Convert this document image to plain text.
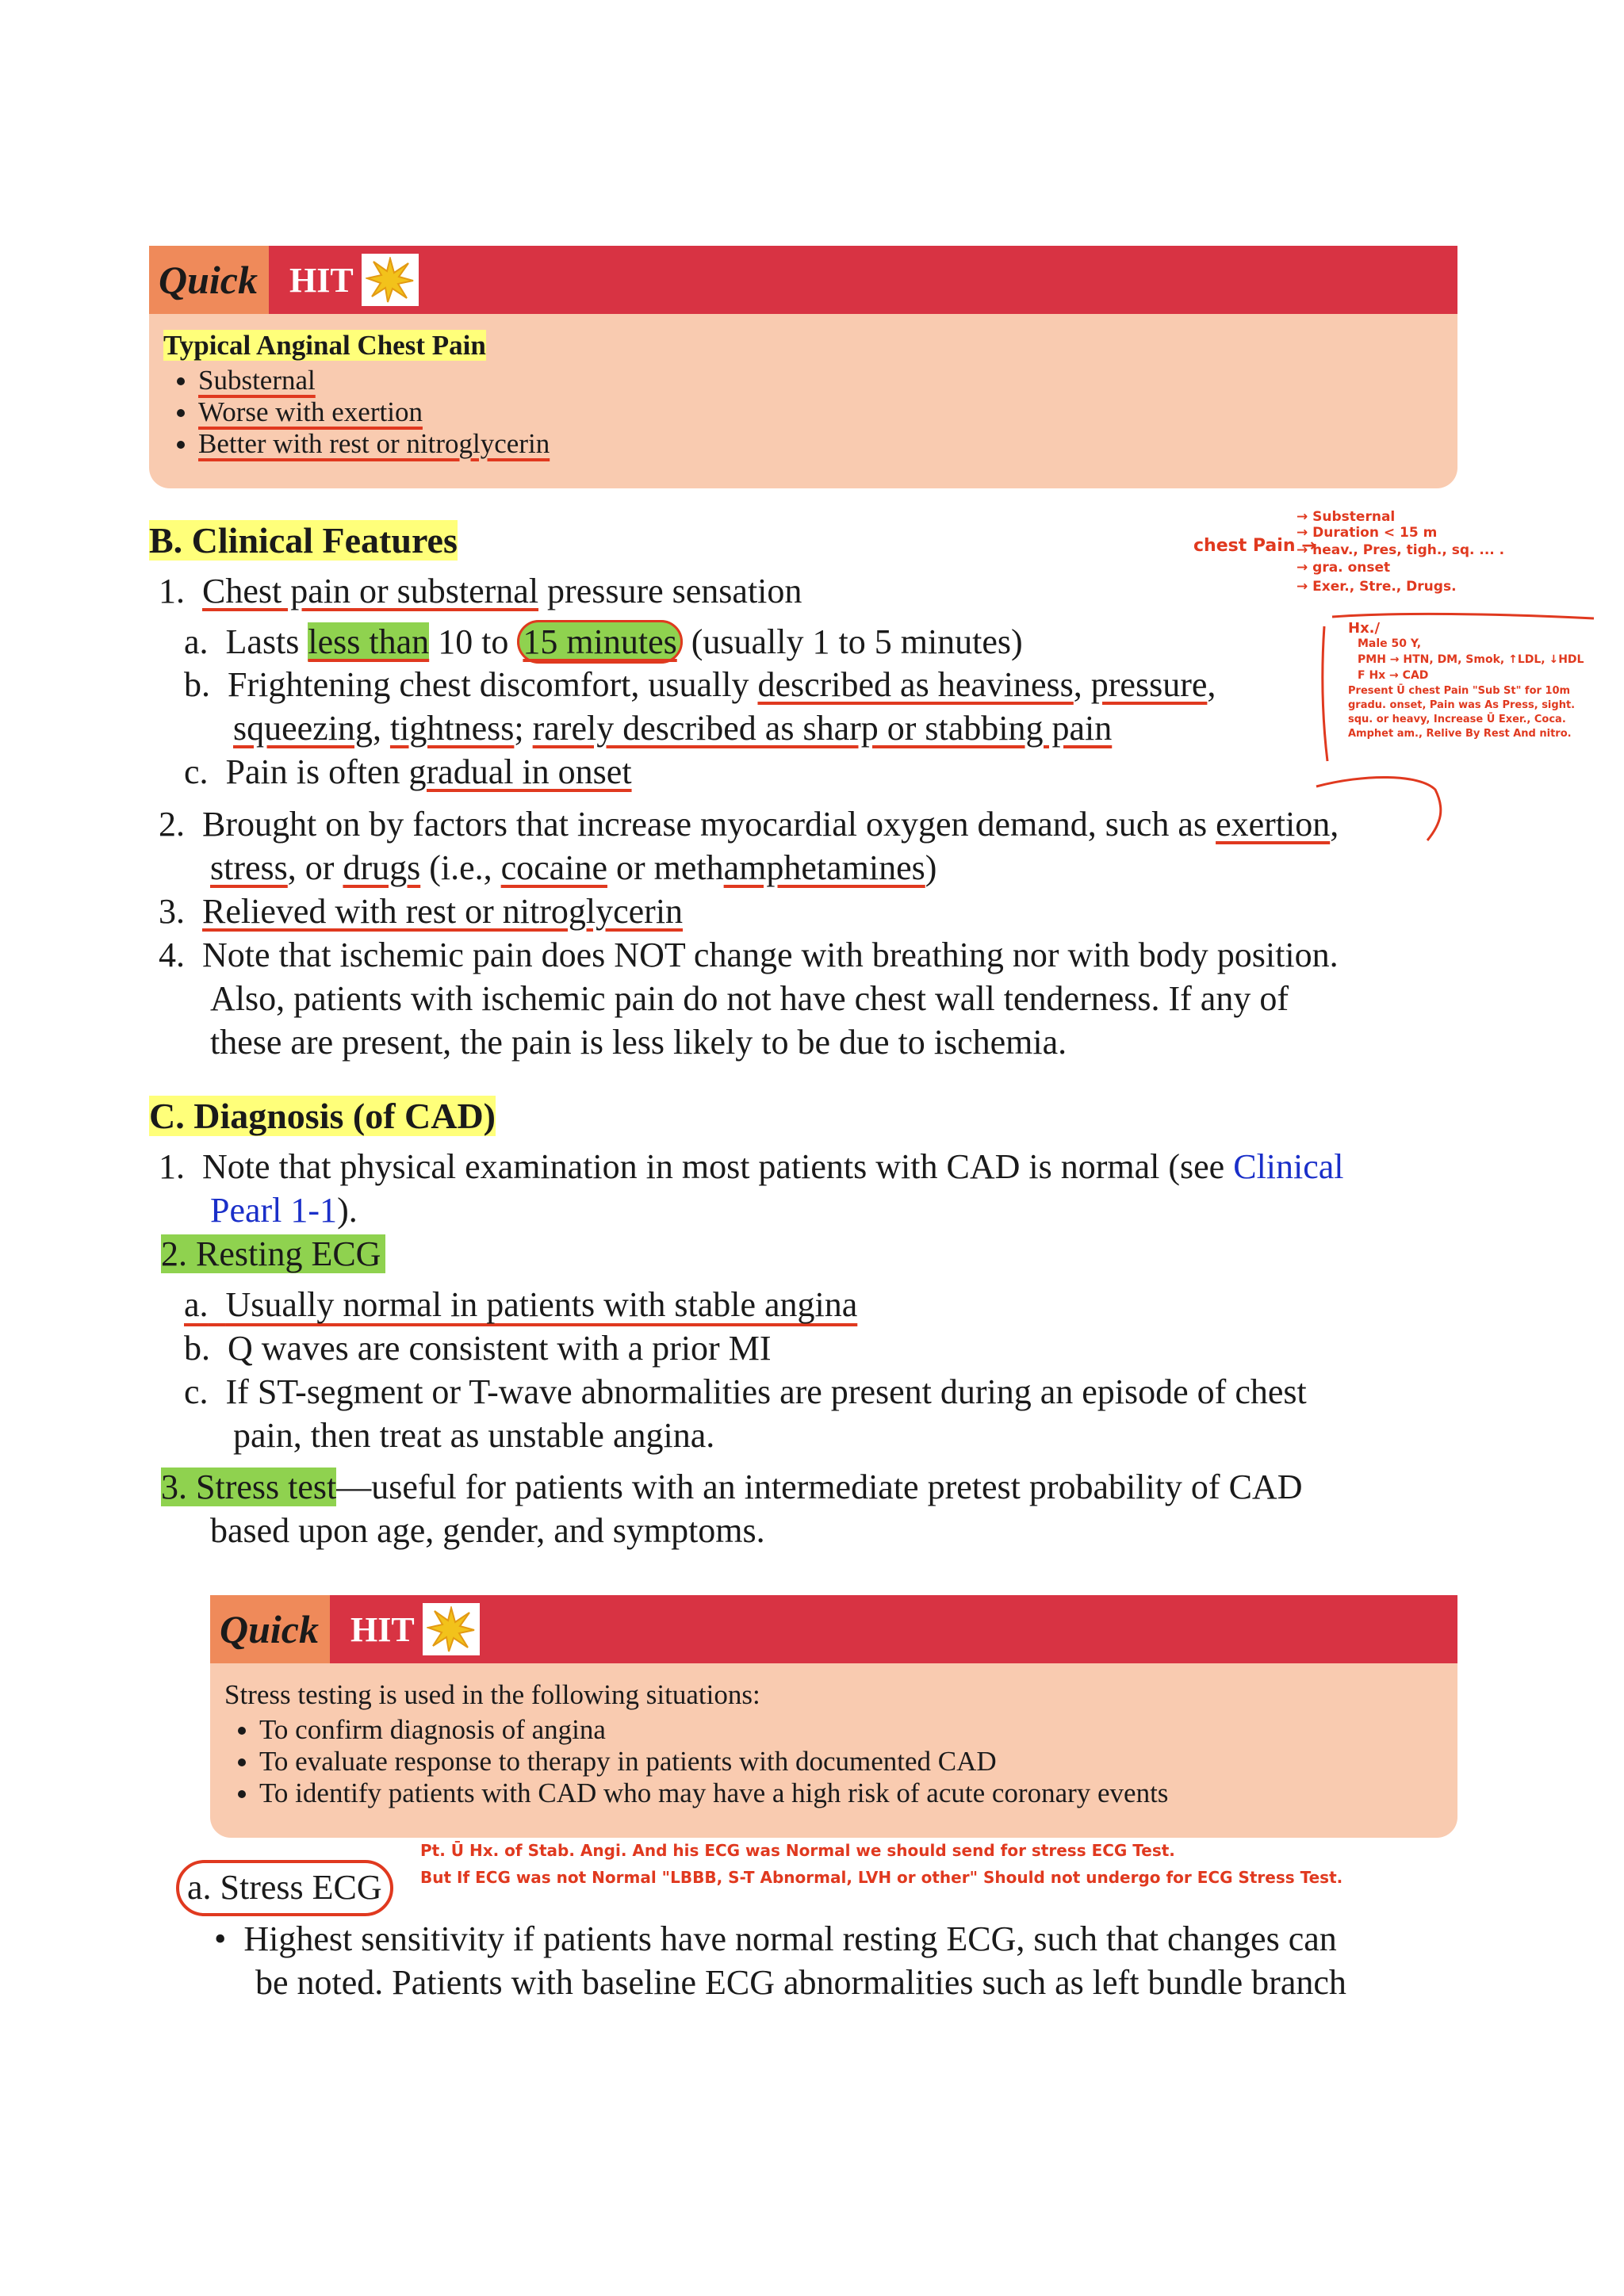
Quick HIT
Typical Anginal Chest Pain
• Substernal
• Worse with exertion
• Better with rest or nitroglycerin
B. Clinical Features
1. Chest pain or substernal pressure sensation
a. Lasts less than 10 to 15 minutes (usually 1 to 5 minutes)
b. Frightening chest discomfort, usually described as heaviness, pressure,
squeezing, tightness; rarely described as sharp or stabbing pain
c. Pain is often gradual in onset
2. Brought on by factors that increase myocardial oxygen demand, such as exertion,
stress, or drugs (i.e., cocaine or methamphetamines)
3. Relieved with rest or nitroglycerin
4. Note that ischemic pain does NOT change with breathing nor with body position.
Also, patients with ischemic pain do not have chest wall tenderness. If any of
these are present, the pain is less likely to be due to ischemia.
C. Diagnosis (of CAD)
1. Note that physical examination in most patients with CAD is normal (see Clinical
Pearl 1-1).
2. Resting ECG
a. Usually normal in patients with stable angina
b. Q waves are consistent with a prior MI
c. If ST-segment or T-wave abnormalities are present during an episode of chest
pain, then treat as unstable angina.
3. Stress test—useful for patients with an intermediate pretest probability of CAD
based upon age, gender, and symptoms.
Quick HIT
Stress testing is used in the following situations:
• To confirm diagnosis of angina
• To evaluate response to therapy in patients with documented CAD
• To identify patients with CAD who may have a high risk of acute coronary events
a. Stress ECG
•  Highest sensitivity if patients have normal resting ECG, such that changes can
be noted. Patients with baseline ECG abnormalities such as left bundle branch
chest Pain →
→ Substernal
→ Duration < 15 m
→ heav., Pres, tigh., sq. ... .
→ gra. onset
→ Exer., Stre., Drugs.
Hx./
Male 50 Y,
PMH → HTN, DM, Smok, ↑LDL, ↓HDL
F Hx → CAD
Present Ū chest Pain "Sub St" for 10m
gradu. onset, Pain was As Press, sight.
squ. or heavy, Increase Ū Exer., Coca.
Amphet am., Relive By Rest And nitro.
Pt. Ū Hx. of Stab. Angi. And his ECG was Normal we should send for stress ECG Test.
But If ECG was not Normal "LBBB, S-T Abnormal, LVH or other" Should not undergo for ECG Stress Test.
